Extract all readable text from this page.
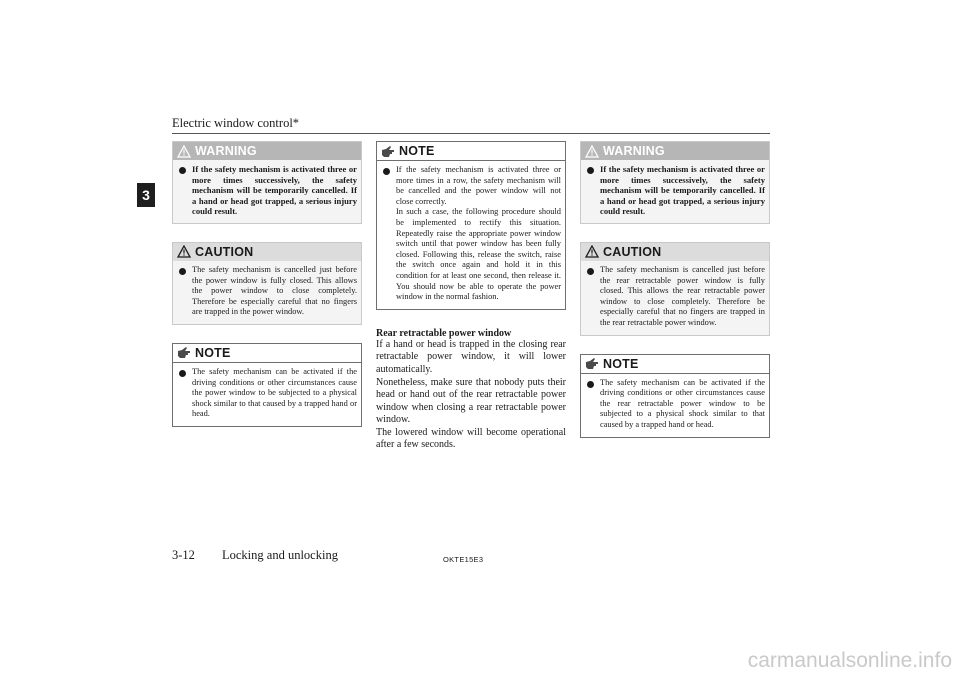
Electric window control*
3
WARNING
If the safety mechanism is activated three or more times successively, the safety mechanism will be temporarily cancelled. If a hand or head got trapped, a serious injury could result.
CAUTION
The safety mechanism is cancelled just before the power window is fully closed. This allows the power window to close completely. Therefore be especially careful that no fingers are trapped in the power window.
NOTE
The safety mechanism can be activated if the driving conditions or other circumstances cause the power window to be subjected to a physical shock similar to that caused by a trapped hand or head.
NOTE
If the safety mechanism is activated three or more times in a row, the safety mechanism will be cancelled and the power window will not close correctly.
In such a case, the following procedure should be implemented to rectify this situation. Repeatedly raise the appropriate power window switch until that power window has been fully closed. Following this, release the switch, raise the switch once again and hold it in this condition for at least one second, then release it. You should now be able to operate the power window in the normal fashion.
Rear retractable power window
If a hand or head is trapped in the closing rear retractable power window, it will lower automatically.
Nonetheless, make sure that nobody puts their head or hand out of the rear retractable power window when closing a rear retractable power window.
The lowered window will become operational after a few seconds.
WARNING
If the safety mechanism is activated three or more times successively, the safety mechanism will be temporarily cancelled. If a hand or head got trapped, a serious injury could result.
CAUTION
The safety mechanism is cancelled just before the rear retractable power window is fully closed. This allows the rear retractable power window to close completely. Therefore be especially careful that no fingers are trapped in the rear retractable power window.
NOTE
The safety mechanism can be activated if the driving conditions or other circumstances cause the rear retractable power window to be subjected to a physical shock similar to that caused by a trapped hand or head.
3-12 Locking and unlocking	OKTE15E3
carmanualsonline.info
